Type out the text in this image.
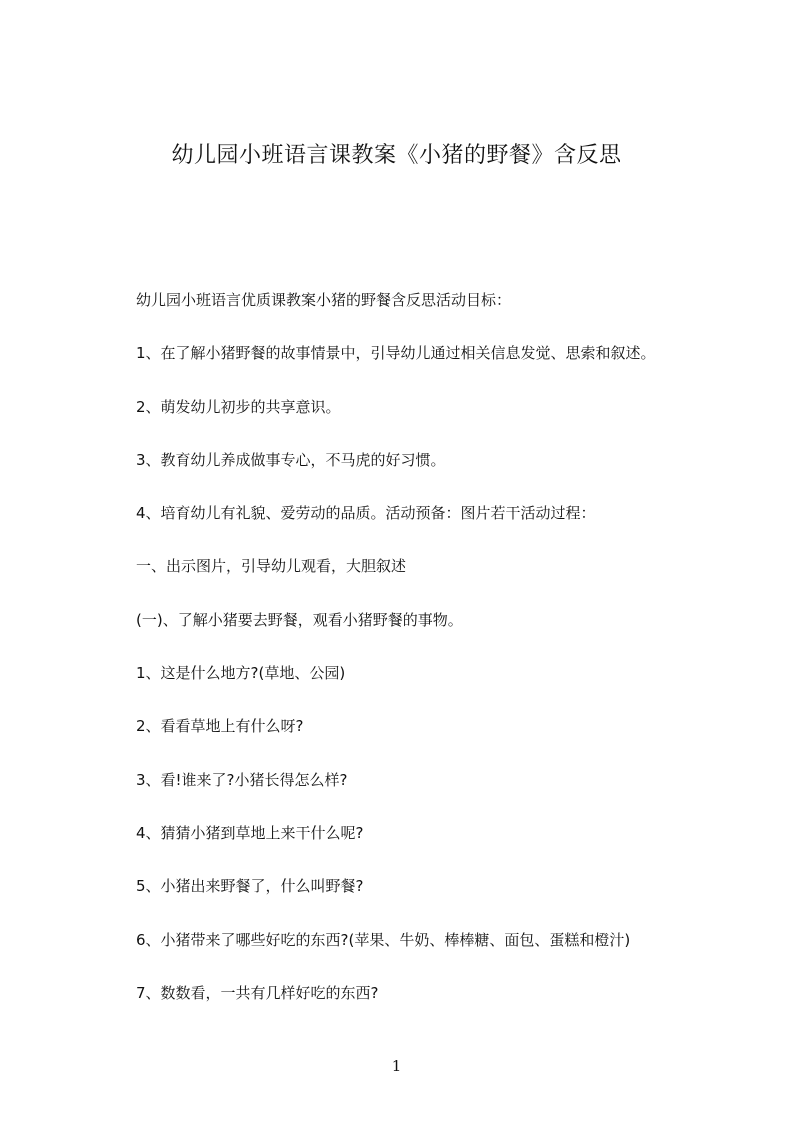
幼儿园小班语言课教案《小猪的野餐》含反思
幼儿园小班语言优质课教案小猪的野餐含反思活动目标：
1、在了解小猪野餐的故事情景中，引导幼儿通过相关信息发觉、思索和叙述。
2、萌发幼儿初步的共享意识。
3、教育幼儿养成做事专心，不马虎的好习惯。
4、培育幼儿有礼貌、爱劳动的品质。活动预备：图片若干活动过程：
一、出示图片，引导幼儿观看，大胆叙述
(一)、了解小猪要去野餐，观看小猪野餐的事物。
1、这是什么地方?(草地、公园)
2、看看草地上有什么呀?
3、看!谁来了?小猪长得怎么样?
4、猜猜小猪到草地上来干什么呢?
5、小猪出来野餐了，什么叫野餐?
6、小猪带来了哪些好吃的东西?(苹果、牛奶、棒棒糖、面包、蛋糕和橙汁)
7、数数看，一共有几样好吃的东西?
1
